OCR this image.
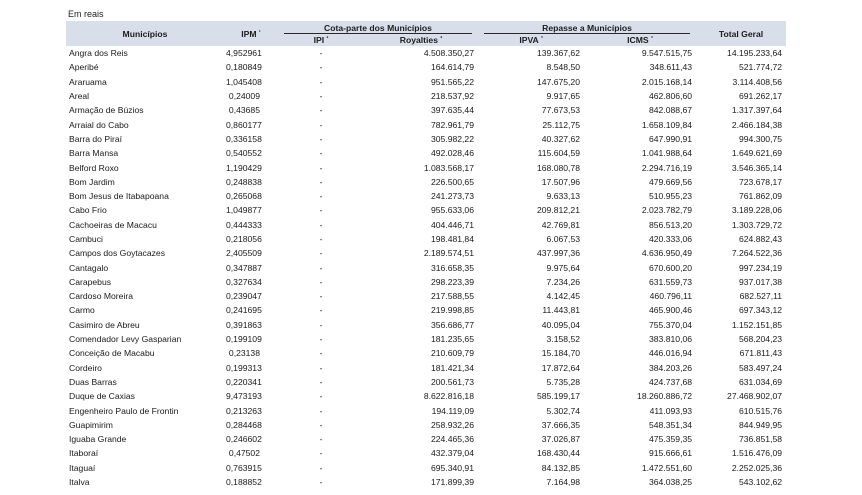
Em reais
Municípios	IPM $^{^1}$	Cota-parte dos Municípios		Repasse a Municípios		Total Geral
		IPI $^{^2}$	Royalties $^{^2}$	IPVA $^{^3}$	ICMS $^{^3}$
Angra dos Reis	4,952961	-	4.508.350,27	139.367,62	9.547.515,75	14.195.233,64
Aperibé	0,180849	-	164.614,79	8.548,50	348.611,43	521.774,72
Araruama	1,045408	-	951.565,22	147.675,20	2.015.168,14	3.114.408,56
Areal	0,24009	-	218.537,92	9.917,65	462.806,60	691.262,17
Armação de Búzios	0,43685	-	397.635,44	77.673,53	842.088,67	1.317.397,64
Arraial do Cabo	0,860177	-	782.961,79	25.112,75	1.658.109,84	2.466.184,38
Barra do Piraí	0,336158	-	305.982,22	40.327,62	647.990,91	994.300,75
Barra Mansa	0,540552	-	492.028,46	115.604,59	1.041.988,64	1.649.621,69
Belford Roxo	1,190429	-	1.083.568,17	168.080,78	2.294.716,19	3.546.365,14
Bom Jardim	0,248838	-	226.500,65	17.507,96	479.669,56	723.678,17
Bom Jesus de Itabapoana	0,265068	-	241.273,73	9.633,13	510.955,23	761.862,09
Cabo Frio	1,049877	-	955.633,06	209.812,21	2.023.782,79	3.189.228,06
Cachoeiras de Macacu	0,444333	-	404.446,71	42.769,81	856.513,20	1.303.729,72
Cambuci	0,218056	-	198.481,84	6.067,53	420.333,06	624.882,43
Campos dos Goytacazes	2,405509	-	2.189.574,51	437.997,36	4.636.950,49	7.264.522,36
Cantagalo	0,347887	-	316.658,35	9.975,64	670.600,20	997.234,19
Carapebus	0,327634	-	298.223,39	7.234,26	631.559,73	937.017,38
Cardoso Moreira	0,239047	-	217.588,55	4.142,45	460.796,11	682.527,11
Carmo	0,241695	-	219.998,85	11.443,81	465.900,46	697.343,12
Casimiro de Abreu	0,391863	-	356.686,77	40.095,04	755.370,04	1.152.151,85
Comendador Levy Gasparian	0,199109	-	181.235,65	3.158,52	383.810,06	568.204,23
Conceição de Macabu	0,23138	-	210.609,79	15.184,70	446.016,94	671.811,43
Cordeiro	0,199313	-	181.421,34	17.872,64	384.203,26	583.497,24
Duas Barras	0,220341	-	200.561,73	5.735,28	424.737,68	631.034,69
Duque de Caxias	9,473193	-	8.622.816,18	585.199,17	18.260.886,72	27.468.902,07
Engenheiro Paulo de Frontin	0,213263	-	194.119,09	5.302,74	411.093,93	610.515,76
Guapimirim	0,284468	-	258.932,26	37.666,35	548.351,34	844.949,95
Iguaba Grande	0,246602	-	224.465,36	37.026,87	475.359,35	736.851,58
Itaboraí	0,47502	-	432.379,04	168.430,44	915.666,61	1.516.476,09
Itaguaí	0,763915	-	695.340,91	84.132,85	1.472.551,60	2.252.025,36
Italva	0,188852	-	171.899,39	7.164,98	364.038,25	543.102,62
